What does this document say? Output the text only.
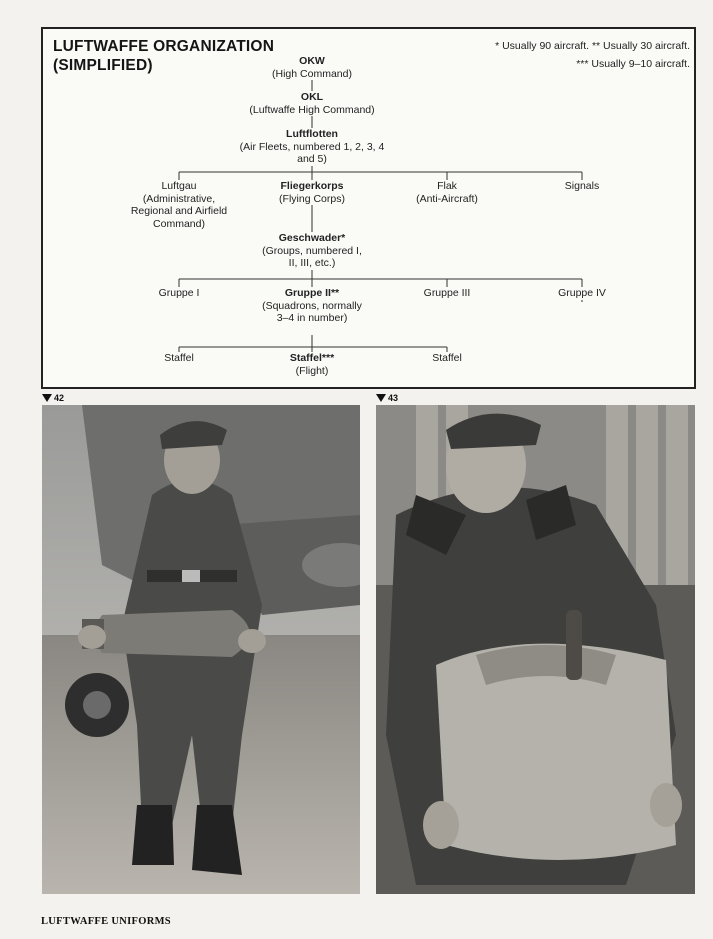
LUFTWAFFE ORGANIZATION (SIMPLIFIED)
* Usually 90 aircraft. ** Usually 30 aircraft.
*** Usually 9–10 aircraft.
OKW
(High Command)
OKL
(Luftwaffe High Command)
Luftflotten
(Air Fleets, numbered 1, 2, 3, 4 and 5)
Luftgau
(Administrative, Regional and Airfield Command)
Fliegerkorps
(Flying Corps)
Flak
(Anti-Aircraft)
Signals
Geschwader*
(Groups, numbered I, II, III, etc.)
Gruppe I	Gruppe II**
(Squadrons, normally 3–4 in number)
Gruppe III	Gruppe IV
Staffel	Staffel***
(Flight)
Staffel
42	43
LUFTWAFFE UNIFORMS
